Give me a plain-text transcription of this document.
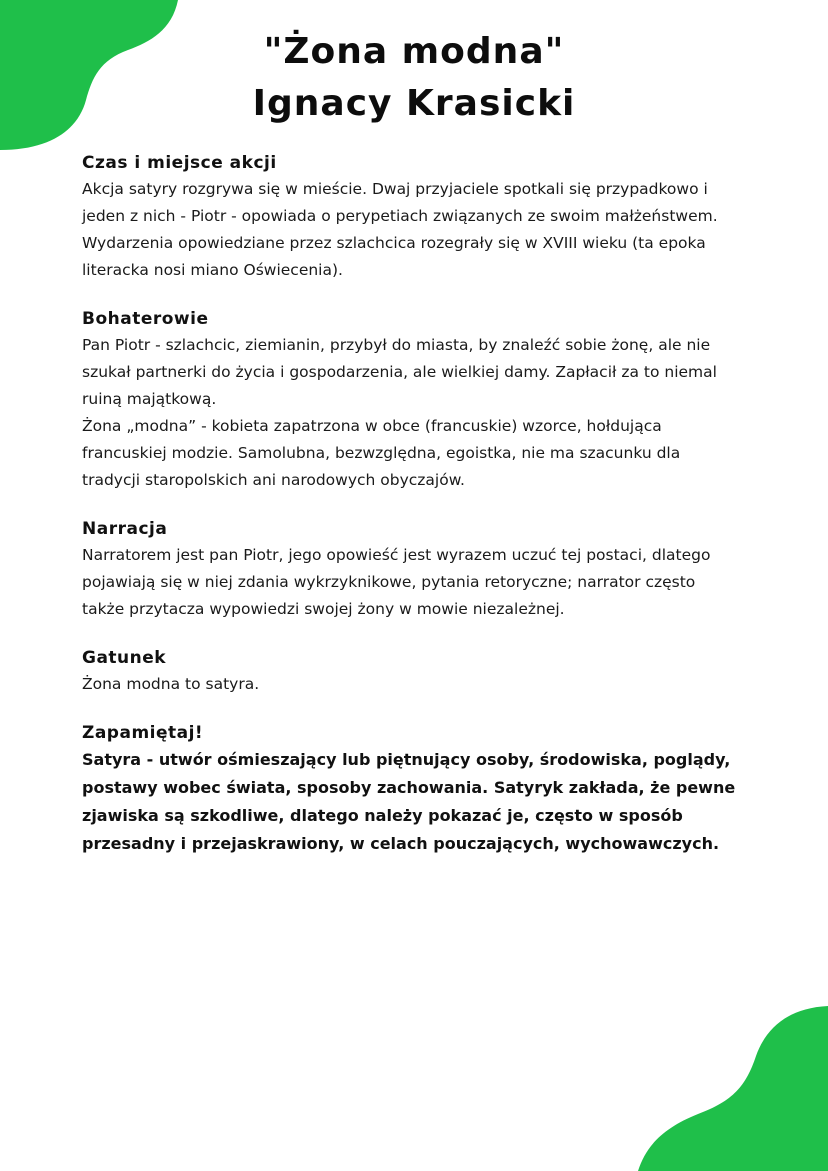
"Żona modna"
Ignacy Krasicki
Czas i miejsce akcji

Akcja satyry rozgrywa się w mieście. Dwaj przyjaciele spotkali się przypadkowo i jeden z nich - Piotr - opowiada o perypetiach związanych ze swoim małżeństwem. Wydarzenia opowiedziane przez szlachcica rozegrały się w XVIII wieku (ta epoka literacka nosi miano Oświecenia).

Bohaterowie

Pan Piotr - szlachcic, ziemianin, przybył do miasta, by znaleźć sobie żonę, ale nie szukał partnerki do życia i gospodarzenia, ale wielkiej damy. Zapłacił za to niemal ruiną majątkową.

Żona „modna” - kobieta zapatrzona w obce (francuskie) wzorce, hołdująca francuskiej modzie. Samolubna, bezwzględna, egoistka, nie ma szacunku dla tradycji staropolskich ani narodowych obyczajów.

Narracja

Narratorem jest pan Piotr, jego opowieść jest wyrazem uczuć tej postaci, dlatego pojawiają się w niej zdania wykrzyknikowe, pytania retoryczne; narrator często także przytacza wypowiedzi swojej żony w mowie niezależnej.

Gatunek

Żona modna to satyra.

Zapamiętaj!

Satyra - utwór ośmieszający lub piętnujący osoby, środowiska, poglądy, postawy wobec świata, sposoby zachowania. Satyryk zakłada, że pewne zjawiska są szkodliwe, dlatego należy pokazać je, często w sposób przesadny i przejaskrawiony, w celach pouczających, wychowawczych.
